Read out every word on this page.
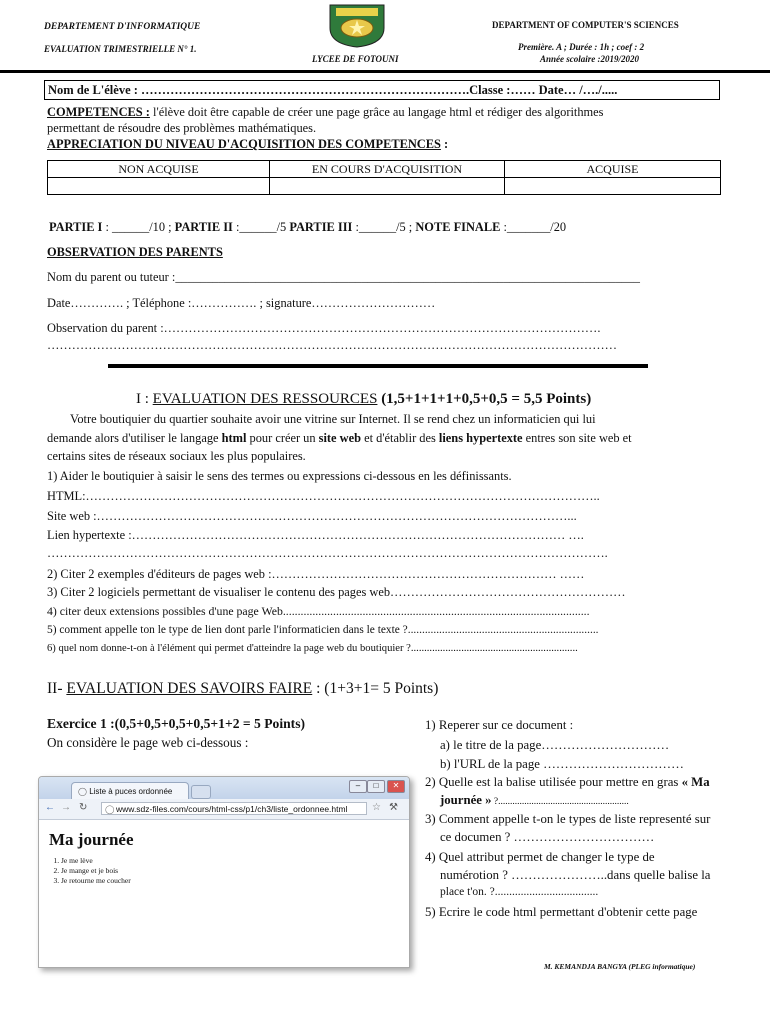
DEPARTEMENT D'INFORMATIQUE
EVALUATION TRIMESTRIELLE N° 1.
LYCEE DE FOTOUNI
DEPARTMENT OF COMPUTER'S SCIENCES
Première. A ; Durée : 1h ; coef : 2
Année scolaire :2019/2020
Nom de L'élève : …………………………………………………………………….Classe :…… Date… /…./.....
COMPETENCES : l'élève doit être capable de créer une page grâce au langage html et rédiger des algorithmes
permettant de résoudre des problèmes mathématiques.
APPRECIATION DU NIVEAU D'ACQUISITION DES COMPETENCES :
NON ACQUISE	EN COURS D'ACQUISITION	ACQUISE

PARTIE I : ______/10 ; PARTIE II :______/5 PARTIE III :______/5 ; NOTE FINALE :_______/20
OBSERVATION DES PARENTS
Nom du parent ou tuteur :___________________________________________________________________________
Date…………. ; Téléphone :……………. ; signature…………………………
Observation du parent :…………………………………………………………………………………………….
…………………………………………………………………………………………………………………………
I : EVALUATION DES RESSOURCES (1,5+1+1+1+0,5+0,5 = 5,5 Points)
Votre boutiquier du quartier souhaite avoir une vitrine sur Internet. Il se rend chez un informaticien qui lui
demande alors d'utiliser le langage html pour créer un site web et d'établir des liens hypertexte entres son site web et
certains sites de réseaux sociaux les plus populaires.
1) Aider le boutiquier à saisir le sens des termes ou expressions ci-dessous en les définissants.
HTML:……………………………………………………………………………………………………………..
Site web :……………………………………………………………………………………………………...
Lien hypertexte :…………………………………………………………………………………………… ….
……………………………………………………………………………………………………………………….
2) Citer 2 exemples d'éditeurs de pages web :…………………………………………………………… ……
3) Citer 2 logiciels permettant de visualiser le contenu des pages web…………………………………………………
4) citer deux extensions possibles d'une page Web........................................................................................................
5) comment appelle ton le type de lien dont parle l'informaticien dans le texte ?...................................................................
6) quel nom donne-t-on à l'élément qui permet d'atteindre la page web du boutiquier ?...............................................................
II- EVALUATION DES SAVOIRS FAIRE : (1+3+1= 5 Points)
Exercice 1 :(0,5+0,5+0,5+0,5+1+2 = 5 Points)
On considère le page web ci-dessous :
◯ Liste à puces ordonnée
–	□	✕
← → ↻ ◯ www.sdz-files.com/cours/html-css/p1/ch3/liste_ordonnee.html	☆ ⚒
Ma journée
1. Je me lève
2. Je mange et je bois
3. Je retourne me coucher
1) Reperer sur ce document :
a) le titre de la page…………………………
b) l'URL de la page ……………………………
2) Quelle est la balise utilisée pour mettre en gras « Ma
journée » ?.......................................................
3) Comment appelle t-on le types de liste representé sur
ce documen ? ……………………………
4) Quel attribut permet de changer le type de
numérotion ? …………………..dans quelle balise la
place t'on. ?....................................
5) Ecrire le code html permettant d'obtenir cette page
M. KEMANDJA BANGYA (PLEG informatique)
